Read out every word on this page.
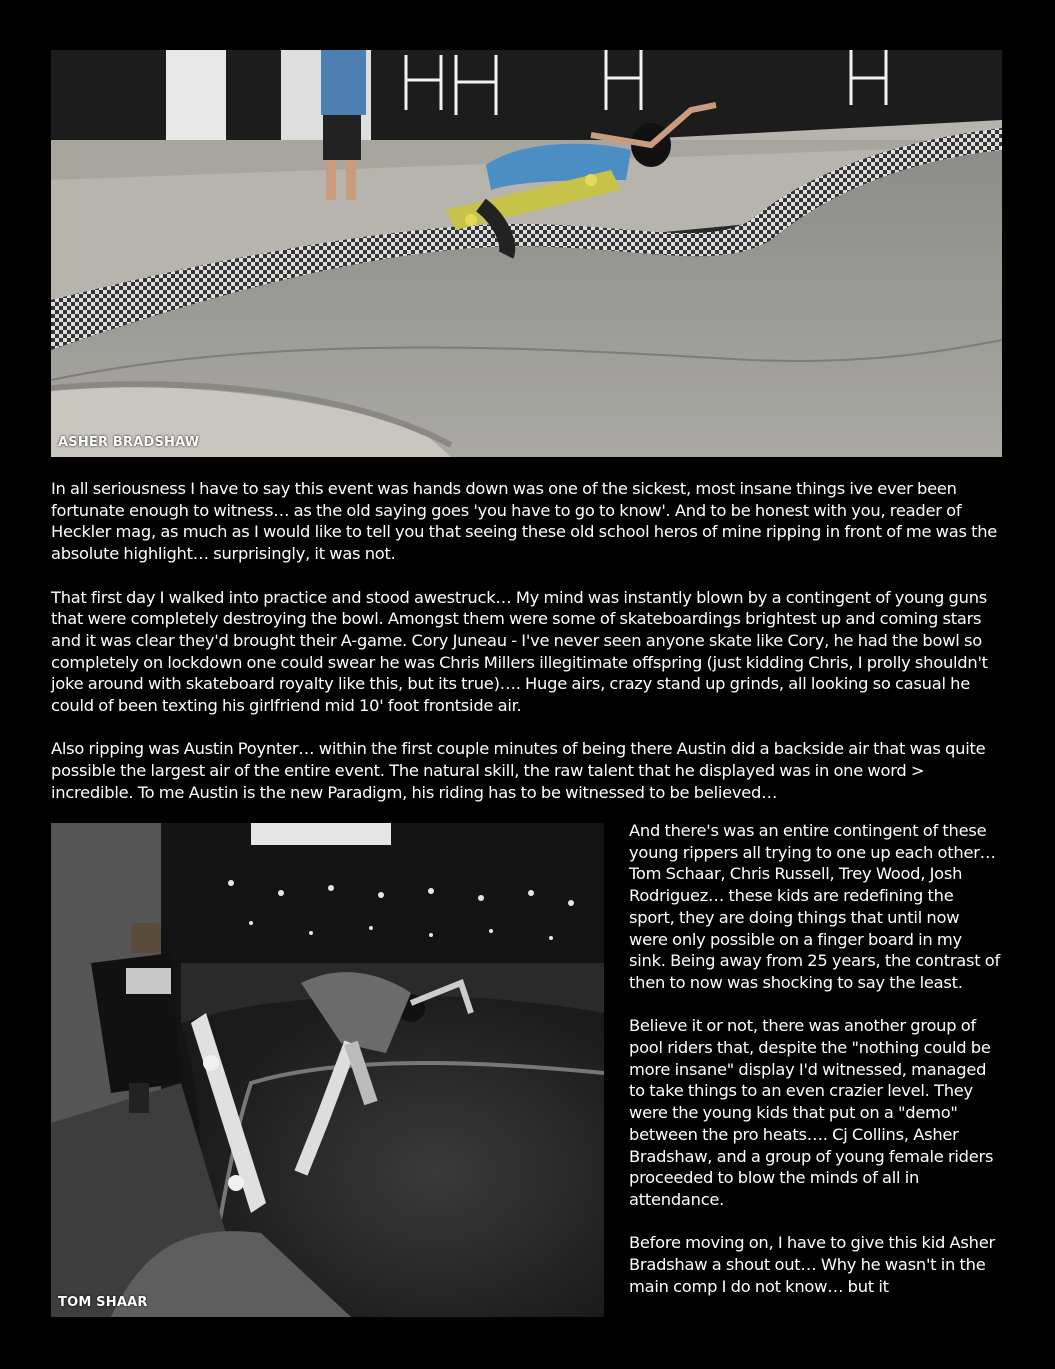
ASHER BRADSHAW

In all seriousness I have to say this event was hands down was one of the sickest, most insane things ive ever been fortunate enough to witness… as the old saying goes 'you have to go to know'. And to be honest with you, reader of Heckler mag, as much as I would like to tell you that seeing these old school heros of mine ripping in front of me was the absolute highlight… surprisingly, it was not.

That first day I walked into practice and stood awestruck… My mind was instantly blown by a contingent of young guns that were completely destroying the bowl. Amongst them were some of skateboardings brightest up and coming stars and it was clear they'd brought their A-game. Cory Juneau - I've never seen anyone skate like Cory, he had the bowl so completely on lockdown one could swear he was Chris Millers illegitimate offspring (just kidding Chris, I prolly shouldn't joke around with skateboard royalty like this, but its true)…. Huge airs, crazy stand up grinds, all looking so casual he could of been texting his girlfriend mid 10' foot frontside air.

Also ripping was Austin Poynter… within the first couple minutes of being there Austin did a backside air that was quite possible the largest air of the entire event. The natural skill, the raw talent that he displayed was in one word > incredible. To me Austin is the new Paradigm, his riding has to be witnessed to be believed…

TOM SHAAR

And there's was an entire contingent of these young rippers all trying to one up each other… Tom Schaar, Chris Russell, Trey Wood, Josh Rodriguez… these kids are redefining the sport, they are doing things that until now were only possible on a finger board in my sink. Being away from 25 years, the contrast of then to now was shocking to say the least.

Believe it or not, there was another group of pool riders that, despite the "nothing could be more insane" display I'd witnessed, managed to take things to an even crazier level. They were the young kids that put on a "demo" between the pro heats…. Cj Collins, Asher Bradshaw, and a group of young female riders proceeded to blow the minds of all in attendance.

Before moving on, I have to give this kid Asher Bradshaw a shout out… Why he wasn't in the main comp I do not know… but it
